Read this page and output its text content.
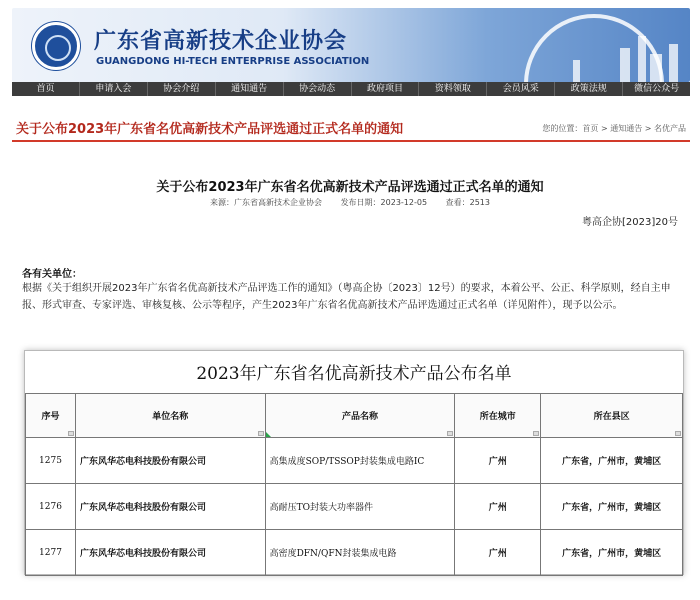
广东省高新技术企业协会
GUANGDONG HI-TECH ENTERPRISE ASSOCIATION
首页	申请入会	协会介绍	通知通告	协会动态	政府项目	资料领取	会员风采	政策法规	微信公众号
关于公布2023年广东省名优高新技术产品评选通过正式名单的通知	您的位置：首页 > 通知通告 > 名优产品
关于公布2023年广东省名优高新技术产品评选通过正式名单的通知
来源：广东省高新技术企业协会 发布日期：2023-12-05 查看：2513
粤高企协[2023]20号
各有关单位：
根据《关于组织开展2023年广东省名优高新技术产品评选工作的通知》（粤高企协〔2023〕12号）的要求，本着公平、公正、科学原则，经自主申报、形式审查、专家评选、审核复核、公示等程序，产生2023年广东省名优高新技术产品评选通过正式名单（详见附件），现予以公示。
2023年广东省名优高新技术产品公布名单
序号	单位名称	产品名称	所在城市	所在县区

1275	广东风华芯电科技股份有限公司	高集成度SOP/TSSOP封装集成电路IC	广州	广东省，广州市，黄埔区
1276	广东风华芯电科技股份有限公司	高耐压TO封装大功率器件	广州	广东省，广州市，黄埔区
1277	广东风华芯电科技股份有限公司	高密度DFN/QFN封装集成电路	广州	广东省，广州市，黄埔区
